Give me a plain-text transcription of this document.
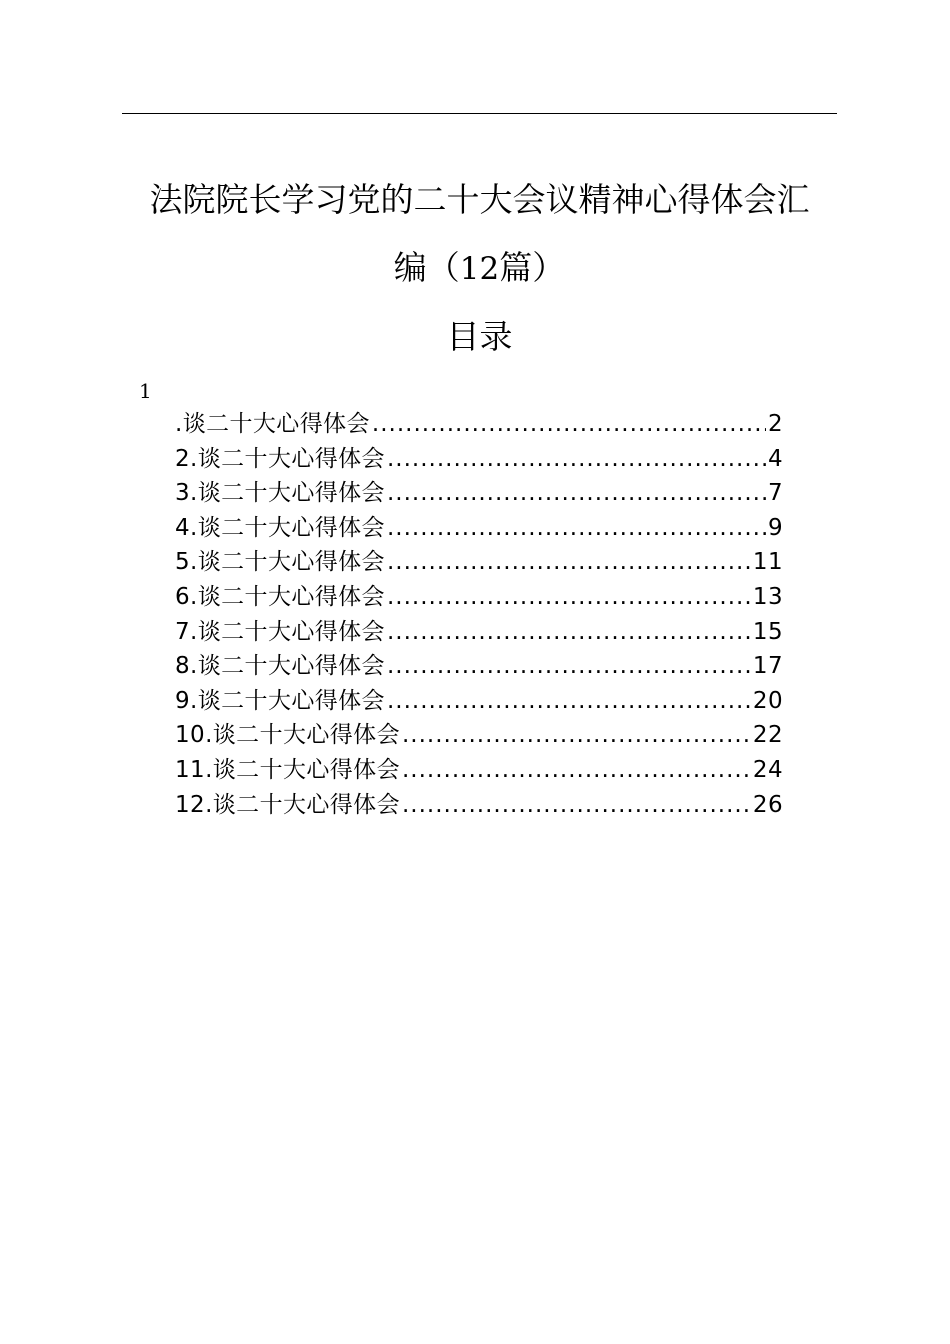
法院院长学习党的二十大会议精神心得体会汇
编（12篇）
目录
1
.谈二十大心得体会 .....	2
2.谈二十大心得体会 .....	4
3.谈二十大心得体会 .....	7
4.谈二十大心得体会 .....	9
5.谈二十大心得体会 .....	11
6.谈二十大心得体会 .....	13
7.谈二十大心得体会 .....	15
8.谈二十大心得体会 .....	17
9.谈二十大心得体会 .....	20
10.谈二十大心得体会 .....	22
11.谈二十大心得体会 .....	24
12.谈二十大心得体会 .....	26
